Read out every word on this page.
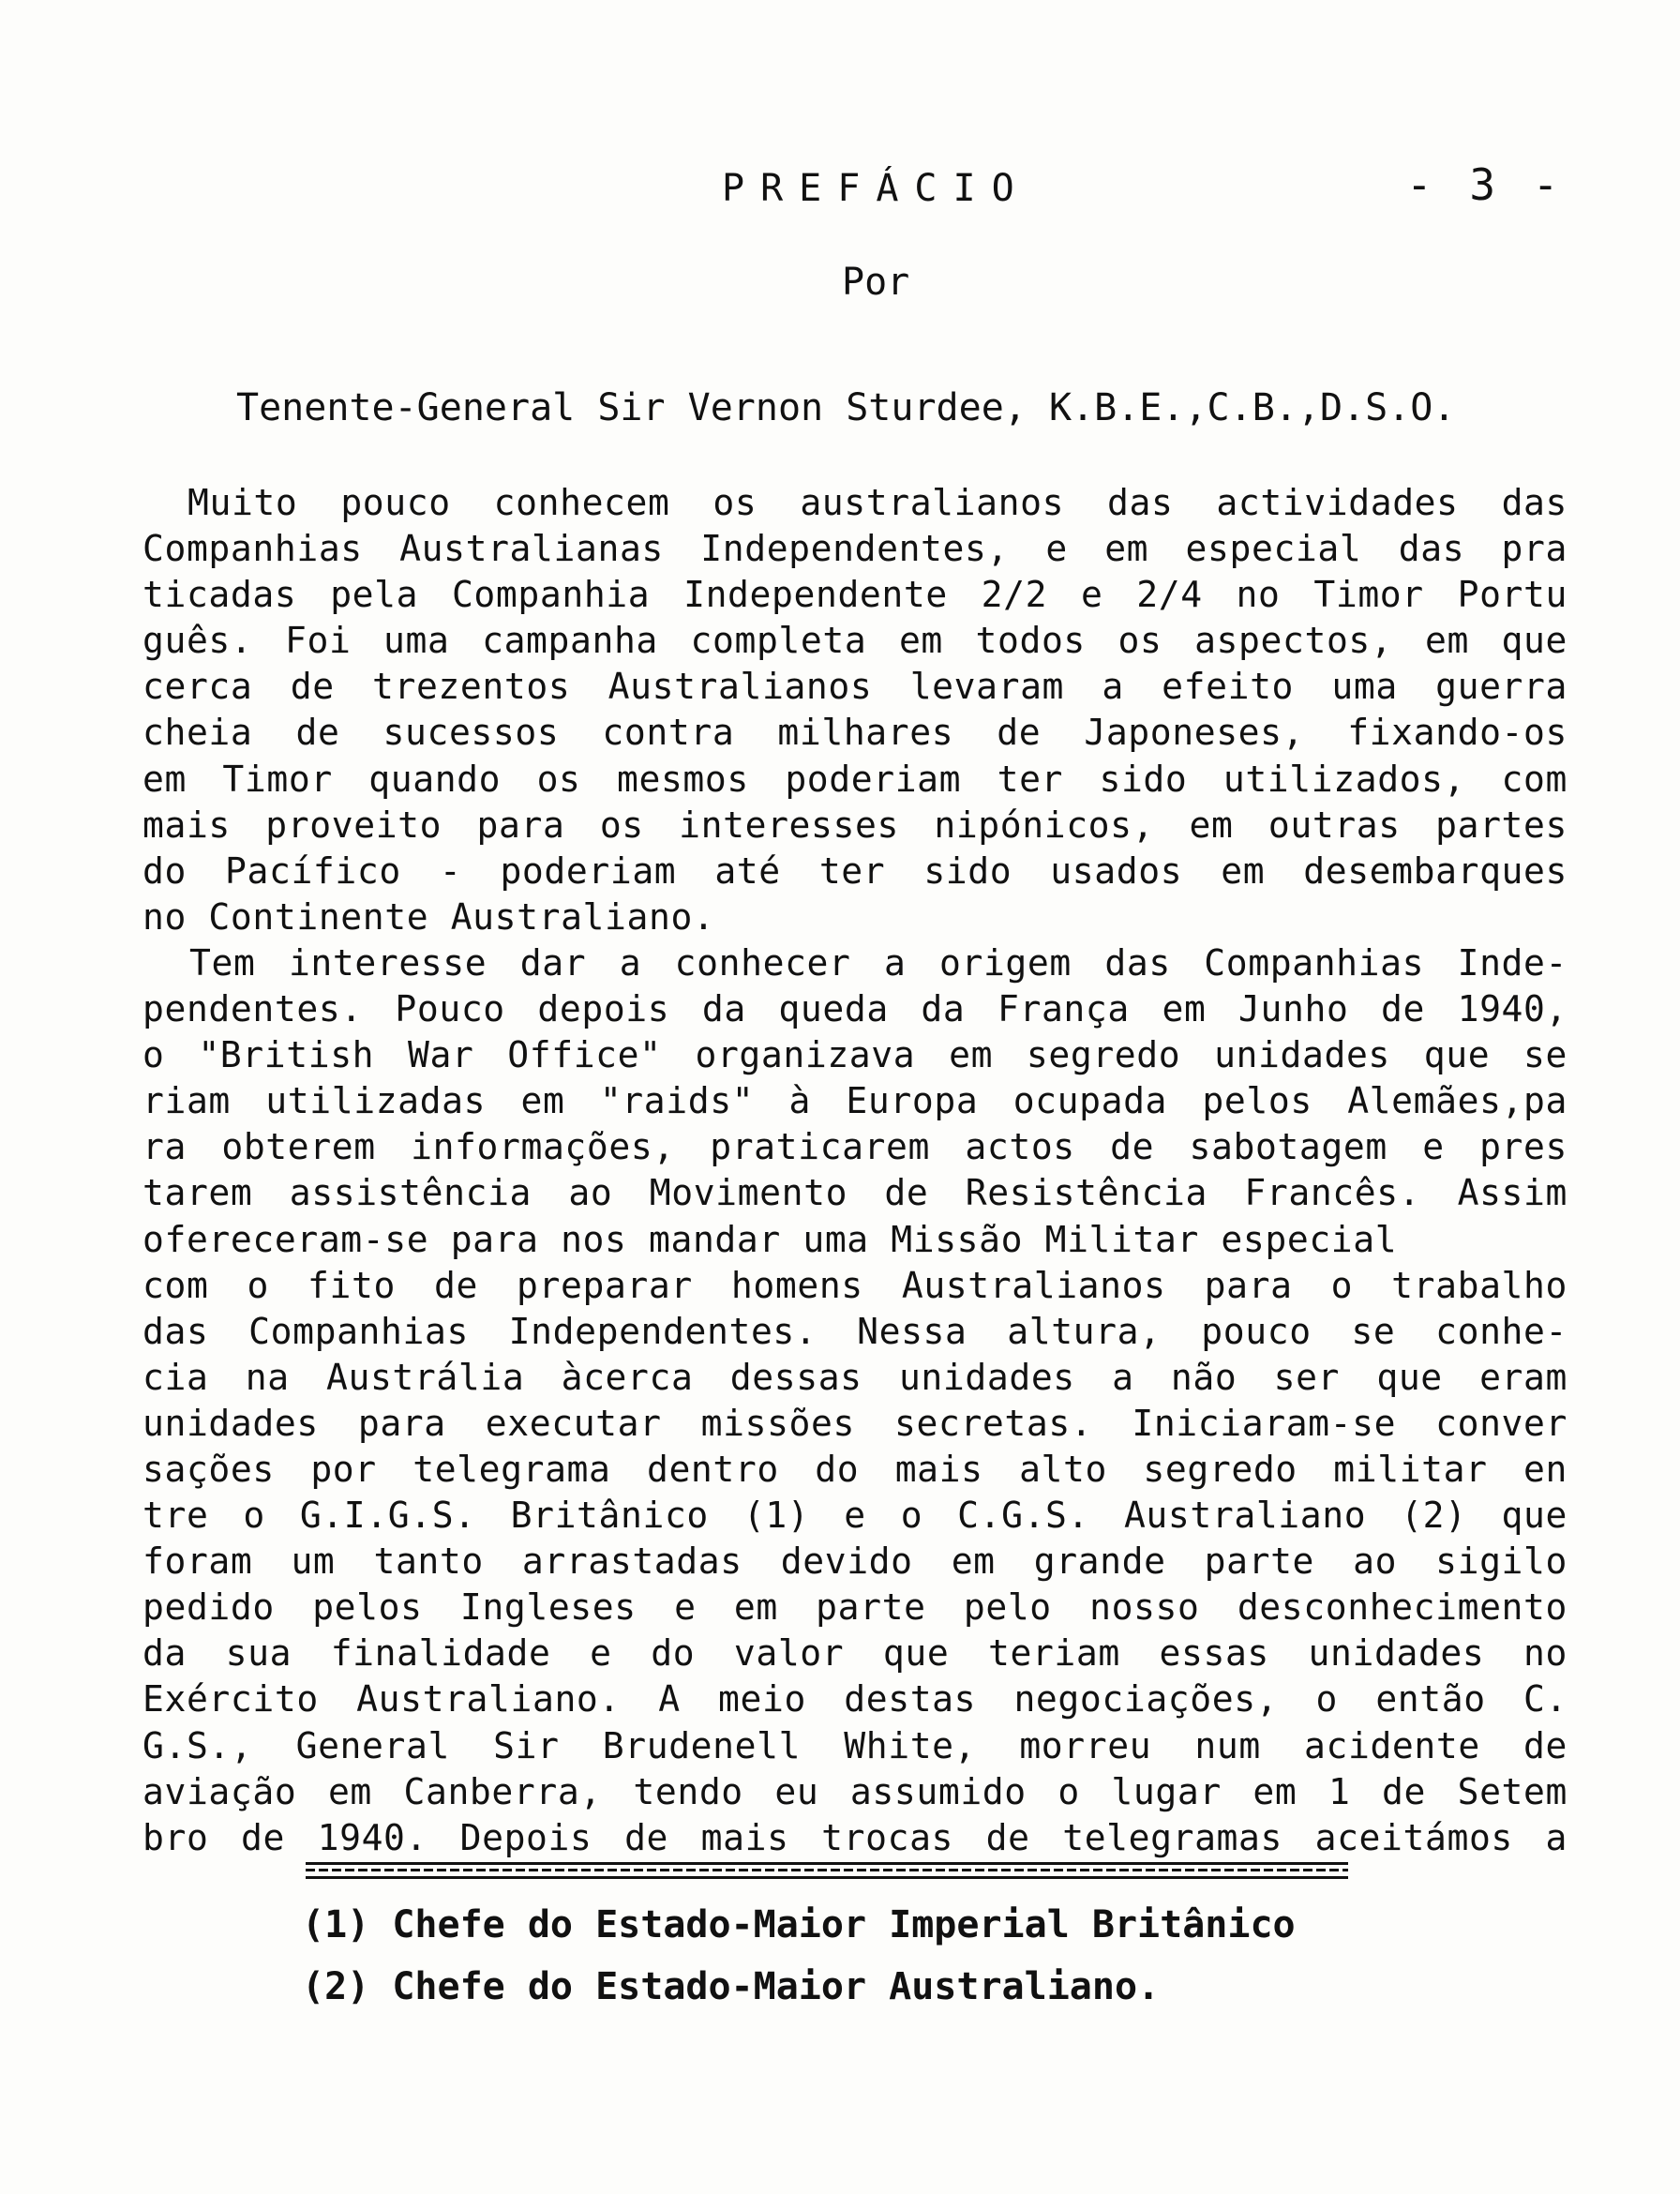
PREFÁCIO	- 3 -
Por
Tenente-General Sir Vernon Sturdee, K.B.E.,C.B.,D.S.O.
Muito pouco conhecem os australianos das actividades das
Companhias Australianas Independentes, e em especial das pra
ticadas pela Companhia Independente 2/2 e 2/4 no Timor Portu
guês. Foi uma campanha completa em todos os aspectos, em que
cerca de trezentos Australianos levaram a efeito uma guerra
cheia de sucessos contra milhares de Japoneses, fixando-os
em Timor quando os mesmos poderiam ter sido utilizados, com
mais proveito para os interesses nipónicos, em outras partes
do Pacífico - poderiam até ter sido usados em desembarques
no Continente Australiano.
Tem interesse dar a conhecer a origem das Companhias Inde-
pendentes. Pouco depois da queda da França em Junho de 1940,
o "British War Office" organizava em segredo unidades que se
riam utilizadas em "raids" à Europa ocupada pelos Alemães,pa
ra obterem informações, praticarem actos de sabotagem e pres
tarem assistência ao Movimento de Resistência Francês. Assim
ofereceram-se para nos mandar uma Missão Militar especial
com o fito de preparar homens Australianos para o trabalho
das Companhias Independentes. Nessa altura, pouco se conhe-
cia na Austrália àcerca dessas unidades a não ser que eram
unidades para executar missões secretas. Iniciaram-se conver
sações por telegrama dentro do mais alto segredo militar en
tre o G.I.G.S. Britânico (1) e o C.G.S. Australiano (2) que
foram um tanto arrastadas devido em grande parte ao sigilo
pedido pelos Ingleses e em parte pelo nosso desconhecimento
da sua finalidade e do valor que teriam essas unidades no
Exército Australiano. A meio destas negociações, o então C.
G.S., General Sir Brudenell White, morreu num acidente de
aviação em Canberra, tendo eu assumido o lugar em 1 de Setem
bro de 1940. Depois de mais trocas de telegramas aceitámos a
(1) Chefe do Estado-Maior Imperial Britânico
(2) Chefe do Estado-Maior Australiano.
